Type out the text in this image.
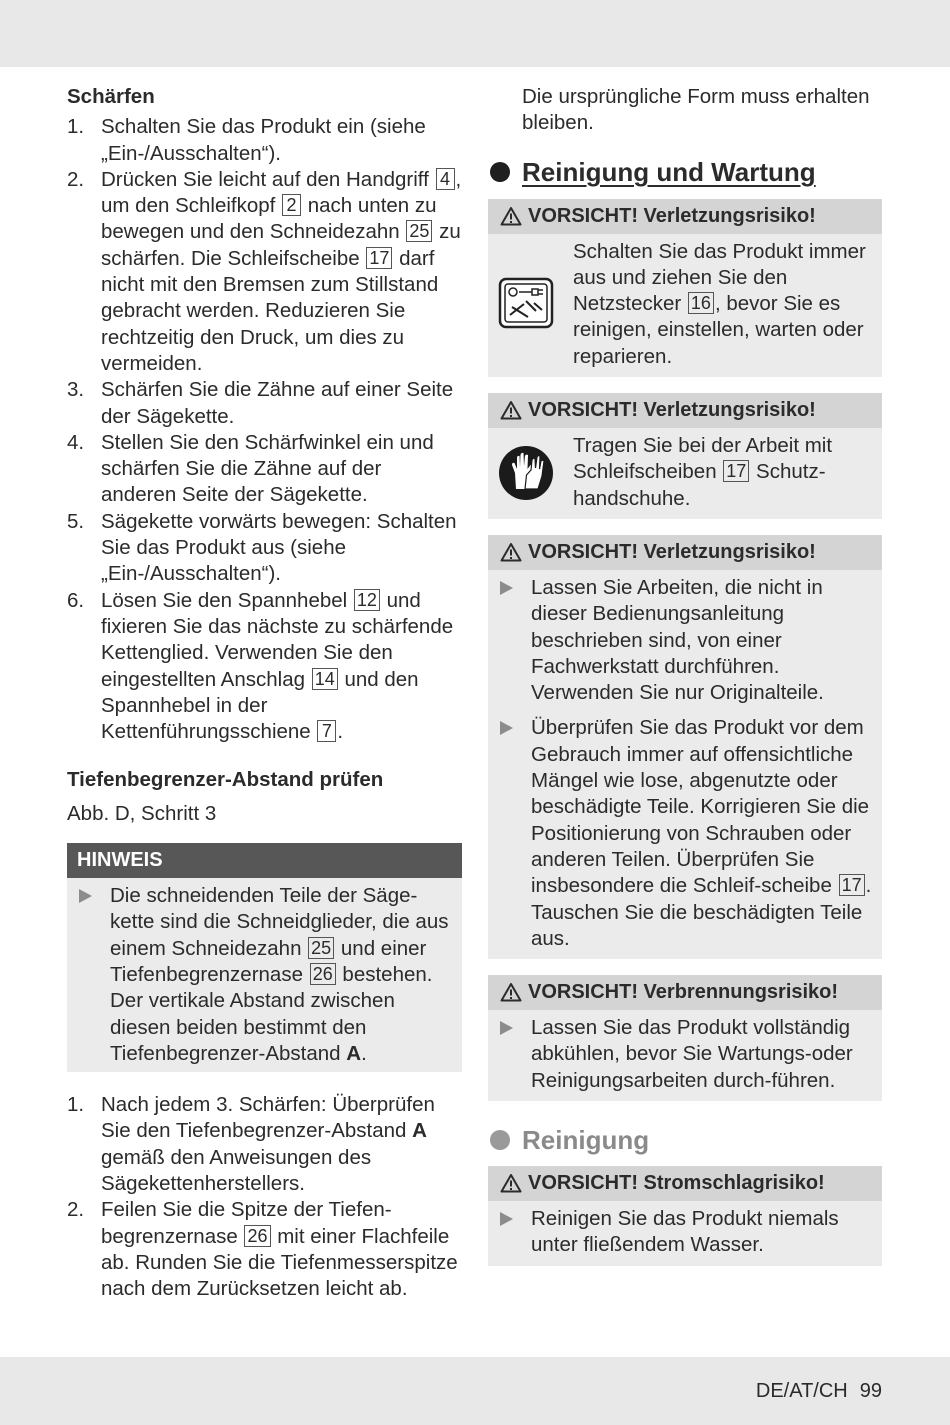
Schärfen
1. Schalten Sie das Produkt ein (siehe „Ein-/Ausschalten“).
2. Drücken Sie leicht auf den Handgriff 4 , um den Schleifkopf 2 nach unten zu bewegen und den Schneidezahn 25 zu schärfen. Die Schleifscheibe 17 darf nicht mit den Bremsen zum Stillstand gebracht werden. Reduzieren Sie rechtzeitig den Druck, um dies zu vermeiden.
3. Schärfen Sie die Zähne auf einer Seite der Sägekette.
4. Stellen Sie den Schärfwinkel ein und schärfen Sie die Zähne auf der anderen Seite der Sägekette.
5. Sägekette vorwärts bewegen: Schalten Sie das Produkt aus (siehe „Ein-/Ausschalten“).
6. Lösen Sie den Spannhebel 12 und fixieren Sie das nächste zu schärfende Kettenglied. Verwenden Sie den eingestellten Anschlag 14 und den Spannhebel in der Kettenführungsschiene 7 .
Tiefenbegrenzer-Abstand prüfen
Abb. D, Schritt 3
HINWEIS
Die schneidenden Teile der Säge-kette sind die Schneidglieder, die aus einem Schneidezahn 25 und einer Tiefenbegrenzernase 26 bestehen. Der vertikale Abstand zwischen diesen beiden bestimmt den Tiefenbegrenzer-Abstand A.
1. Nach jedem 3. Schärfen: Überprüfen Sie den Tiefenbegrenzer-Abstand A gemäß den Anweisungen des Sägekettenherstellers.
2. Feilen Sie die Spitze der Tiefen-begrenzernase 26 mit einer Flachfeile ab. Runden Sie die Tiefenmesserspitze nach dem Zurücksetzen leicht ab.
Die ursprüngliche Form muss erhalten bleiben.
Reinigung und Wartung
VORSICHT! Verletzungsrisiko!
Schalten Sie das Produkt immer aus und ziehen Sie den Netzstecker 16 , bevor Sie es reinigen, einstellen, warten oder reparieren.
VORSICHT! Verletzungsrisiko!
Tragen Sie bei der Arbeit mit Schleifscheiben 17 Schutz-handschuhe.
VORSICHT! Verletzungsrisiko!
Lassen Sie Arbeiten, die nicht in dieser Bedienungsanleitung beschrieben sind, von einer Fachwerkstatt durchführen. Verwenden Sie nur Originalteile.
Überprüfen Sie das Produkt vor dem Gebrauch immer auf offensichtliche Mängel wie lose, abgenutzte oder beschädigte Teile. Korrigieren Sie die Positionierung von Schrauben oder anderen Teilen. Überprüfen Sie insbesondere die Schleif-scheibe 17 . Tauschen Sie die beschädigten Teile aus.
VORSICHT! Verbrennungsrisiko!
Lassen Sie das Produkt vollständig abkühlen, bevor Sie Wartungs-oder Reinigungsarbeiten durch-führen.
Reinigung
VORSICHT! Stromschlagrisiko!
Reinigen Sie das Produkt niemals unter fließendem Wasser.
DE/AT/CH 99
